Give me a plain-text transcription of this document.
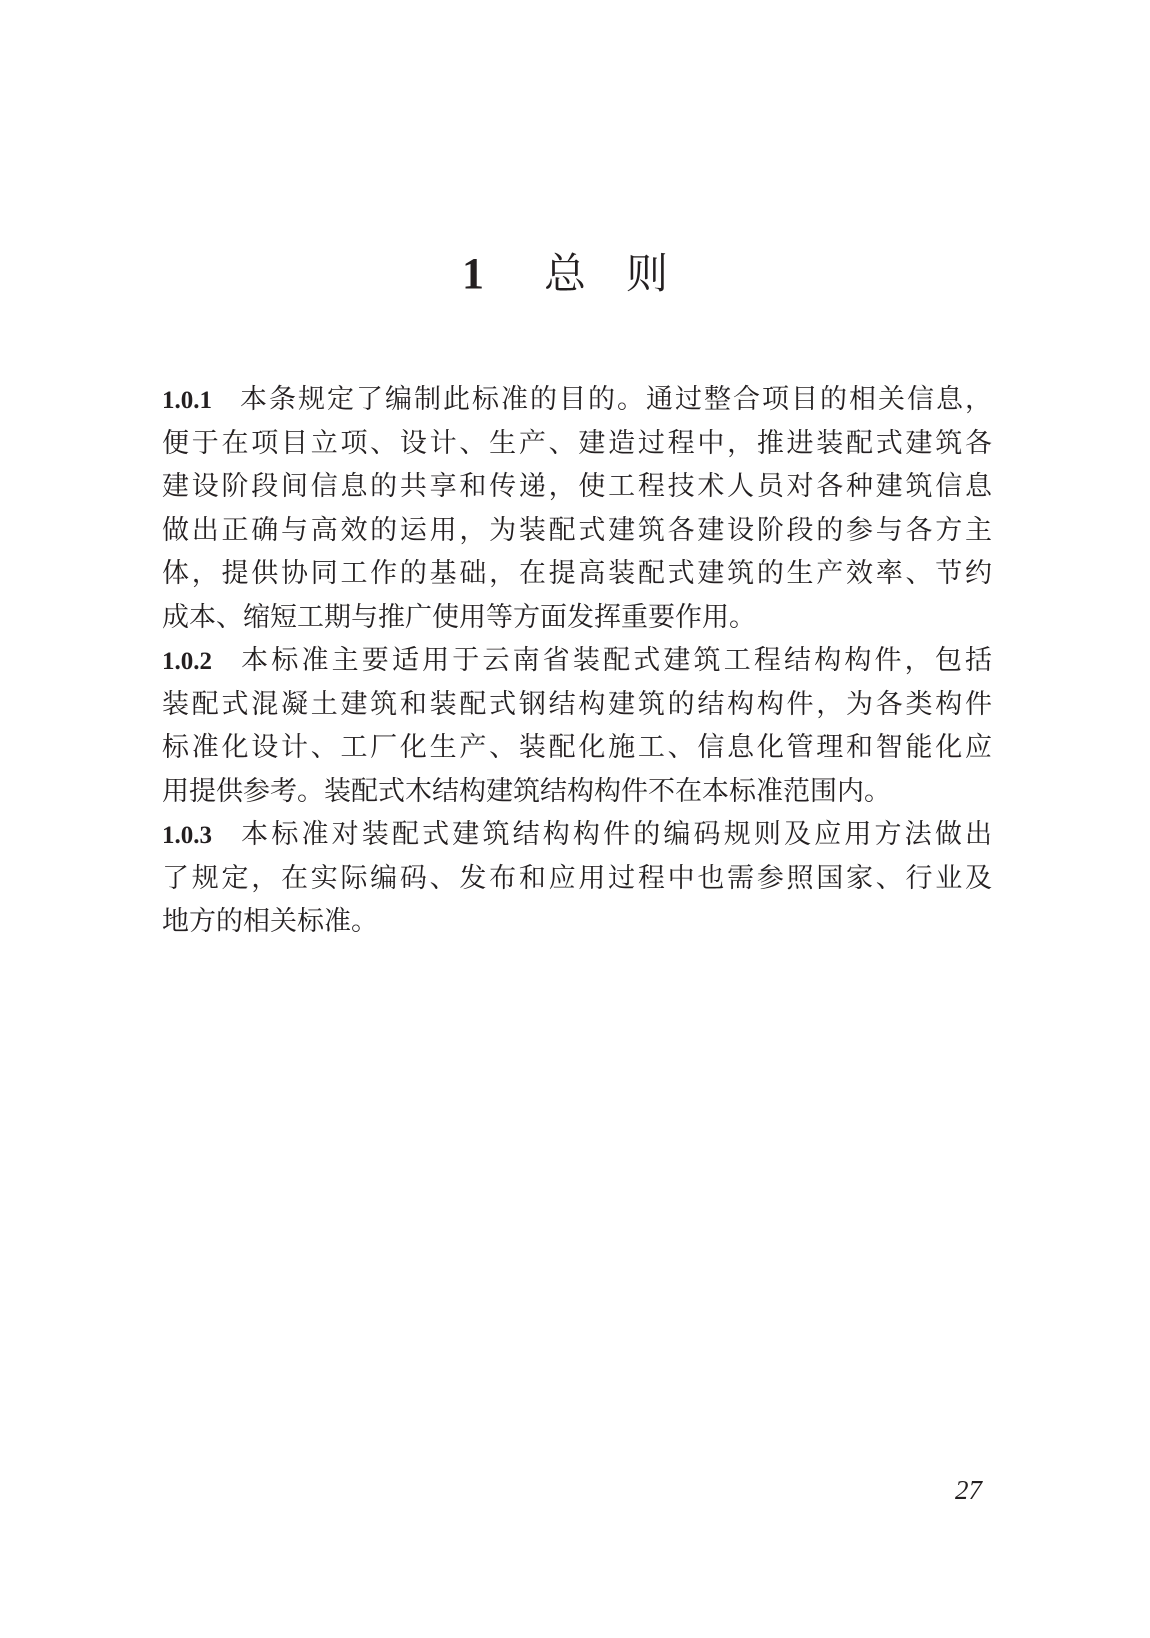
1 总 则
1.0.1 本条规定了编制此标准的目的。通过整合项目的相关信息，
便于在项目立项、设计、生产、建造过程中，推进装配式建筑各
建设阶段间信息的共享和传递，使工程技术人员对各种建筑信息
做出正确与高效的运用，为装配式建筑各建设阶段的参与各方主
体，提供协同工作的基础，在提高装配式建筑的生产效率、节约
成本、缩短工期与推广使用等方面发挥重要作用。
1.0.2 本标准主要适用于云南省装配式建筑工程结构构件，包括
装配式混凝土建筑和装配式钢结构建筑的结构构件，为各类构件
标准化设计、工厂化生产、装配化施工、信息化管理和智能化应
用提供参考。装配式木结构建筑结构构件不在本标准范围内。
1.0.3 本标准对装配式建筑结构构件的编码规则及应用方法做出
了规定，在实际编码、发布和应用过程中也需参照国家、行业及
地方的相关标准。
27
